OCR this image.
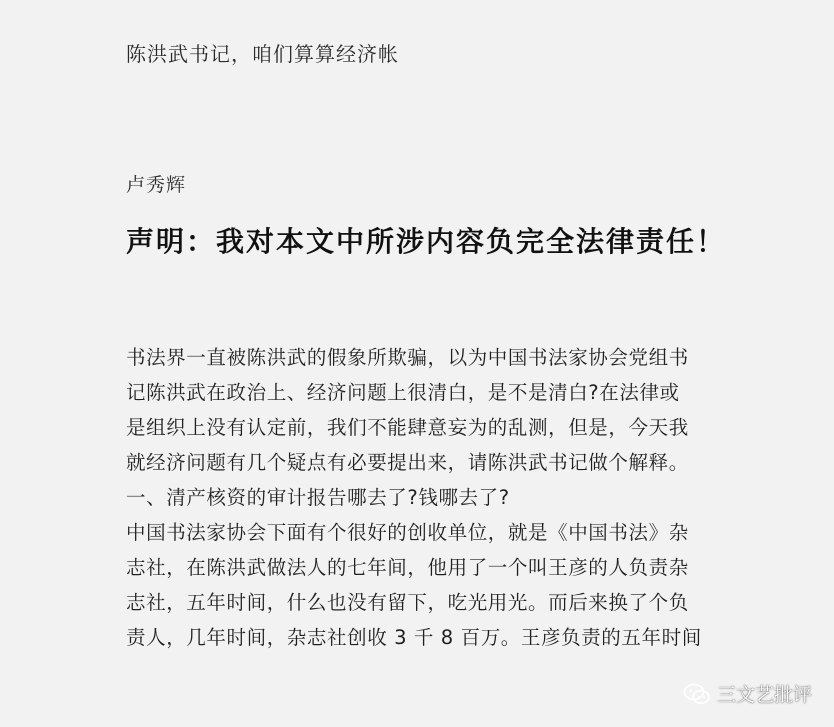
陈洪武书记，咱们算算经济帐
卢秀辉
声明：我对本文中所涉内容负完全法律责任！
书法界一直被陈洪武的假象所欺骗，以为中国书法家协会党组书
记陈洪武在政治上、经济问题上很清白，是不是清白?在法律或
是组织上没有认定前，我们不能肆意妄为的乱测，但是，今天我
就经济问题有几个疑点有必要提出来，请陈洪武书记做个解释。
一、清产核资的审计报告哪去了?钱哪去了?
中国书法家协会下面有个很好的创收单位，就是《中国书法》杂
志社，在陈洪武做法人的七年间，他用了一个叫王彦的人负责杂
志社，五年时间，什么也没有留下，吃光用光。而后来换了个负
责人，几年时间，杂志社创收 3 千 8 百万。王彦负责的五年时间
三文艺批评
